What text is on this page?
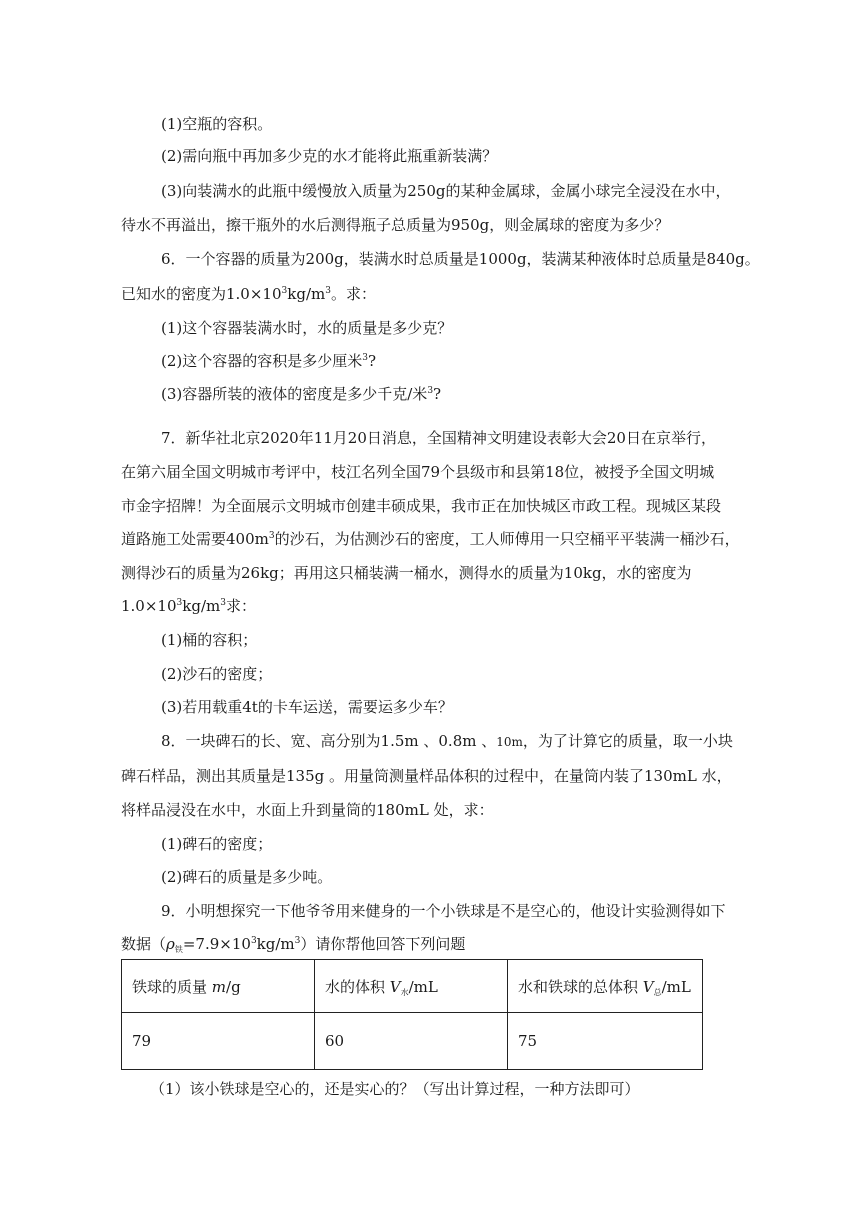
(1)空瓶的容积。
(2)需向瓶中再加多少克的水才能将此瓶重新装满？
(3)向装满水的此瓶中缓慢放入质量为250g的某种金属球，金属小球完全浸没在水中，
待水不再溢出，擦干瓶外的水后测得瓶子总质量为950g，则金属球的密度为多少？
6．一个容器的质量为200g，装满水时总质量是1000g，装满某种液体时总质量是840g。
已知水的密度为$1.0\times 10^3kg/m^3$。求：
(1)这个容器装满水时，水的质量是多少克？
(2)这个容器的容积是多少厘米$^3$?
(3)容器所装的液体的密度是多少千克/米$^3$?
7．新华社北京2020年11月20日消息，全国精神文明建设表彰大会20日在京举行，
在第六届全国文明城市考评中，枝江名列全国79个县级市和县第18位，被授予全国文明城
市金字招牌！为全面展示文明城市创建丰硕成果，我市正在加快城区市政工程。现城区某段
道路施工处需要$400m^3$的沙石，为估测沙石的密度，工人师傅用一只空桶平平装满一桶沙石，
测得沙石的质量为26kg；再用这只桶装满一桶水，测得水的质量为10kg，水的密度为
$1.0\times 10^3kg/m^3$求：
(1)桶的容积；
(2)沙石的密度；
(3)若用载重4t的卡车运送，需要运多少车？
8．一块碑石的长、宽、高分别为1.5m 、0.8m 、10m，为了计算它的质量，取一小块
碑石样品，测出其质量是135g 。用量筒测量样品体积的过程中，在量筒内装了130mL 水，
将样品浸没在水中，水面上升到量筒的180mL 处，求：
(1)碑石的密度；
(2)碑石的质量是多少吨。
9．小明想探究一下他爷爷用来健身的一个小铁球是不是空心的，他设计实验测得如下
数据$(\rho_铁=7.9\times 10^3kg/m^3)$请你帮他回答下列问题
铁球的质量 m/g	水的体积 $V_水/mL$	水和铁球的总体积 $V_总/mL$
79	60	75
（1）该小铁球是空心的，还是实心的？（写出计算过程，一种方法即可）
